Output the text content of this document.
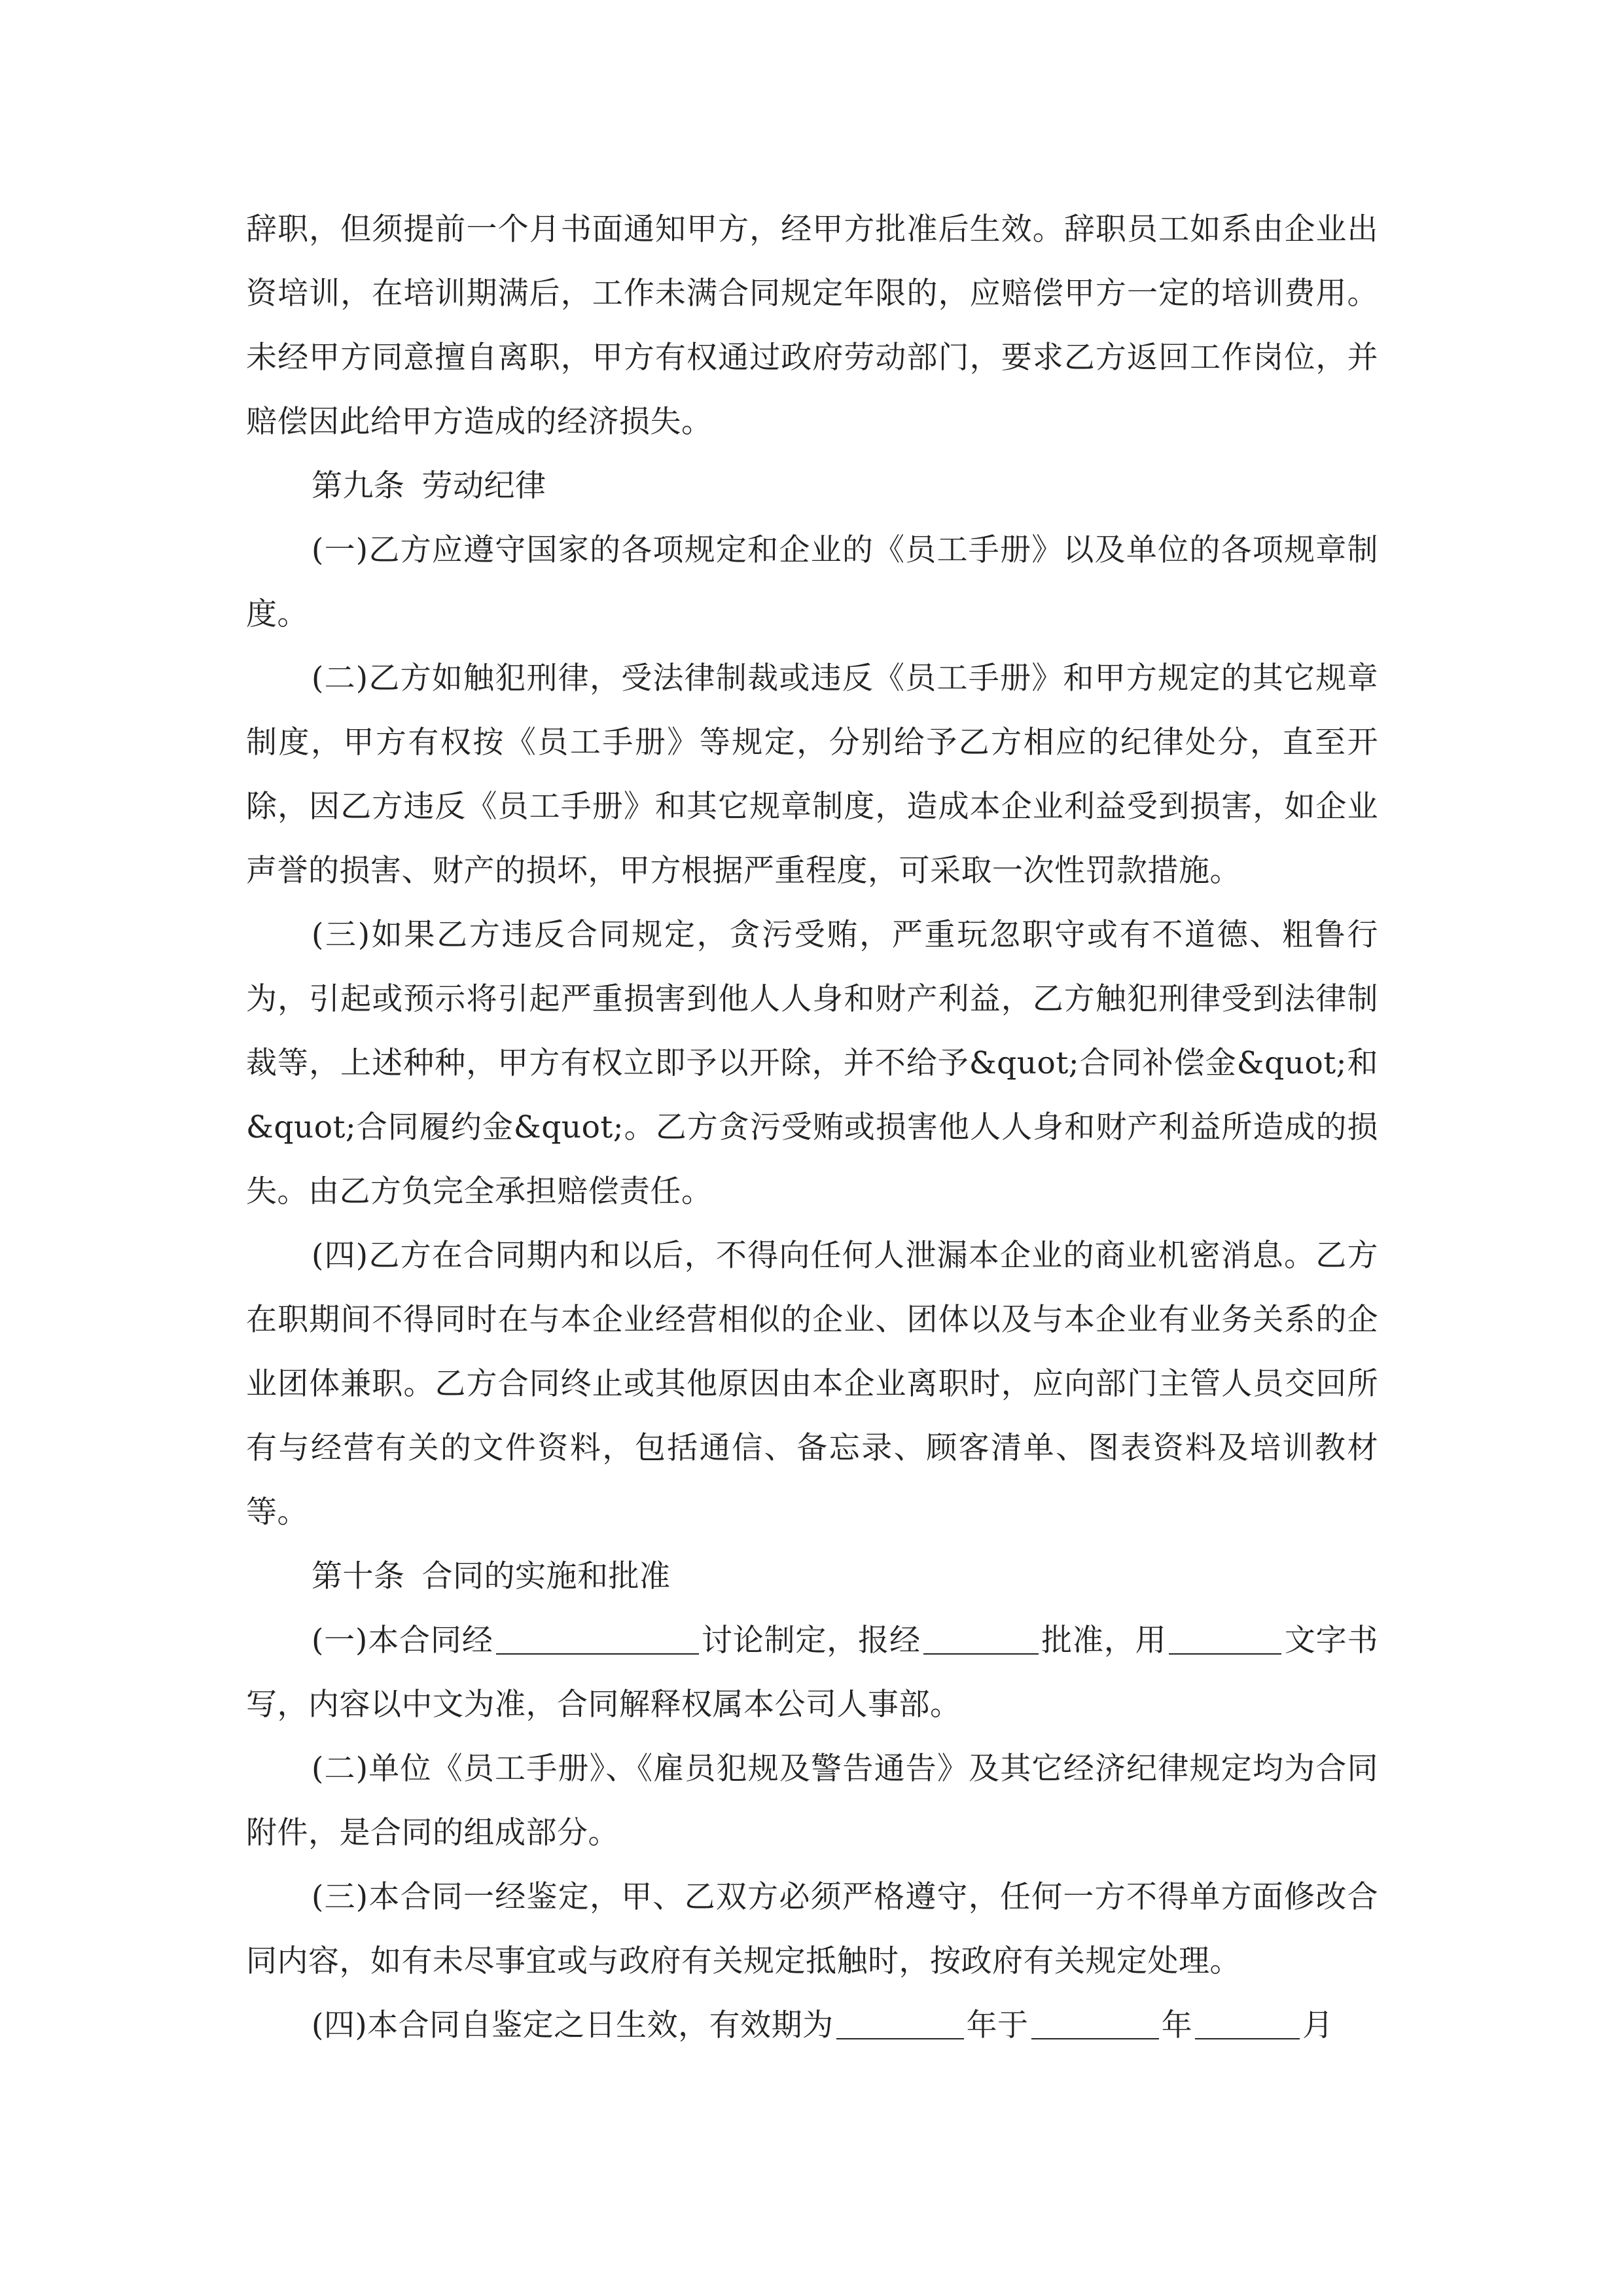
辞职，但须提前一个月书面通知甲方，经甲方批准后生效。辞职员工如系由企业出资培训，在培训期满后，工作未满合同规定年限的，应赔偿甲方一定的培训费用。未经甲方同意擅自离职，甲方有权通过政府劳动部门，要求乙方返回工作岗位，并赔偿因此给甲方造成的经济损失。

第九条 劳动纪律

(一)乙方应遵守国家的各项规定和企业的《员工手册》以及单位的各项规章制度。

(二)乙方如触犯刑律，受法律制裁或违反《员工手册》和甲方规定的其它规章制度，甲方有权按《员工手册》等规定，分别给予乙方相应的纪律处分，直至开除，因乙方违反《员工手册》和其它规章制度，造成本企业利益受到损害，如企业声誉的损害、财产的损坏，甲方根据严重程度，可采取一次性罚款措施。

(三)如果乙方违反合同规定，贪污受贿，严重玩忽职守或有不道德、粗鲁行为，引起或预示将引起严重损害到他人人身和财产利益，乙方触犯刑律受到法律制裁等，上述种种，甲方有权立即予以开除，并不给予&quot;合同补偿金&quot;和&quot;合同履约金&quot;。乙方贪污受贿或损害他人人身和财产利益所造成的损失。由乙方负完全承担赔偿责任。

(四)乙方在合同期内和以后，不得向任何人泄漏本企业的商业机密消息。乙方在职期间不得同时在与本企业经营相似的企业、团体以及与本企业有业务关系的企业团体兼职。乙方合同终止或其他原因由本企业离职时，应向部门主管人员交回所有与经营有关的文件资料，包括通信、备忘录、顾客清单、图表资料及培训教材等。

第十条 合同的实施和批准

(一)本合同经	讨论制定，报经	批准，用	文字书写，内容以中文为准，合同解释权属本公司人事部。

(二)单位《员工手册》、《雇员犯规及警告通告》及其它经济纪律规定均为合同附件，是合同的组成部分。

(三)本合同一经鉴定，甲、乙双方必须严格遵守，任何一方不得单方面修改合同内容，如有未尽事宜或与政府有关规定抵触时，按政府有关规定处理。

(四)本合同自鉴定之日生效，有效期为	年于	年	月
